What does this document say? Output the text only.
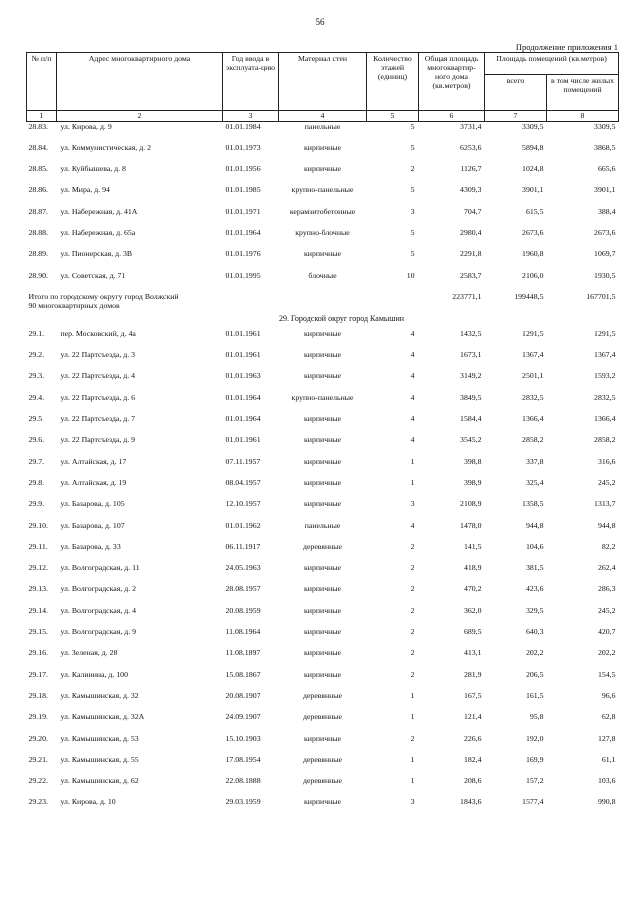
56
Продолжение приложения 1
№ п/п	Адрес многоквартирного дома	Год ввода в эксплуата-цию	Материал стен	Количество этажей (единиц)	Общая площадь многоквартир-ного дома (кв.метров)	Площадь помещений (кв.метров)	
						всего	в том числе жилых помещений
1	2	3	4	5	6	7	8
28.83.	ул. Кирова, д. 9	01.01.1984	панельные	5	3731,4	3309,5	3309,5
28.84.	ул. Коммунистическая, д. 2	01.01.1973	кирпичные	5	6253,6	5894,8	3868,5
28.85.	ул. Куйбышева, д. 8	01.01.1956	кирпичные	2	1126,7	1024,8	665,6
28.86.	ул. Мира, д. 94	01.01.1985	крупно-панельные	5	4309,3	3901,1	3901,1
28.87.	ул. Набережная, д. 41А	01.01.1971	керамзитобетонные	3	704,7	615,5	388,4
28.88.	ул. Набережная, д. 65а	01.01.1964	крупно-блочные	5	2980,4	2673,6	2673,6
28.89.	ул. Пионерская, д. 3В	01.01.1976	кирпичные	5	2291,8	1960,8	1069,7
28.90.	ул. Советская, д. 71	01.01.1995	блочные	10	2583,7	2106,0	1930,5

Итого по городскому округу город Волжский
90 многоквартирных домов					223771,1	199448,5	167701,5
29. Городской округ город Камышин							
29.1.	пер. Московский, д. 4а	01.01.1961	кирпичные	4	1432,5	1291,5	1291,5
29.2.	ул. 22 Партсъезда, д. 3	01.01.1961	кирпичные	4	1673,1	1367,4	1367,4
29.3.	ул. 22 Партсъезда, д. 4	01.01.1963	кирпичные	4	3149,2	2501,1	1593,2
29.4.	ул. 22 Партсъезда, д. 6	01.01.1964	крупно-панельные	4	3849,5	2832,5	2832,5
29.5	ул. 22 Партсъезда, д. 7	01.01.1964	кирпичные	4	1584,4	1366,4	1366,4
29.6.	ул. 22 Партсъезда, д. 9	01.01.1961	кирпичные	4	3545,2	2858,2	2858,2
29.7.	ул. Алтайская, д. 17	07.11.1957	кирпичные	1	398,8	337,8	316,6
29.8.	ул. Алтайская, д. 19	08.04.1957	кирпичные	1	398,9	325,4	245,2
29.9.	ул. Базарова, д. 105	12.10.1957	кирпичные	3	2108,9	1358,5	1313,7
29.10.	ул. Базарова, д. 107	01.01.1962	панельные	4	1478,0	944,8	944,8
29.11.	ул. Базарова, д. 33	06.11.1917	деревянные	2	141,5	104,6	82,2
29.12.	ул. Волгоградская, д. 11	24.05.1963	кирпичные	2	418,9	381,5	262,4
29.13.	ул. Волгоградская, д. 2	28.08.1957	кирпичные	2	470,2	423,6	286,3
29.14.	ул. Волгоградская, д. 4	20.08.1959	кирпичные	2	362,0	329,5	245,2
29.15.	ул. Волгоградская, д. 9	11.08.1964	кирпичные	2	689,5	640,3	420,7
29.16.	ул. Зеленая, д. 28	11.08.1897	кирпичные	2	413,1	202,2	202,2
29.17.	ул. Калинина, д. 100	15.08.1867	кирпичные	2	281,9	206,5	154,5
29.18.	ул. Камышинская, д. 32	20.08.1907	деревянные	1	167,5	161,5	96,6
29.19.	ул. Камышинская, д. 32А	24.09.1907	деревянные	1	121,4	95,8	62,8
29.20.	ул. Камышинская, д. 53	15.10.1903	кирпичные	2	226,6	192,0	127,8
29.21.	ул. Камышинская, д. 55	17.08.1954	деревянные	1	182,4	169,9	61,1
29.22.	ул. Камышинская, д. 62	22.08.1888	деревянные	1	208,6	157,2	103,6
29.23.	ул. Кирова, д. 10	29.03.1959	кирпичные	3	1843,6	1577,4	990,8
